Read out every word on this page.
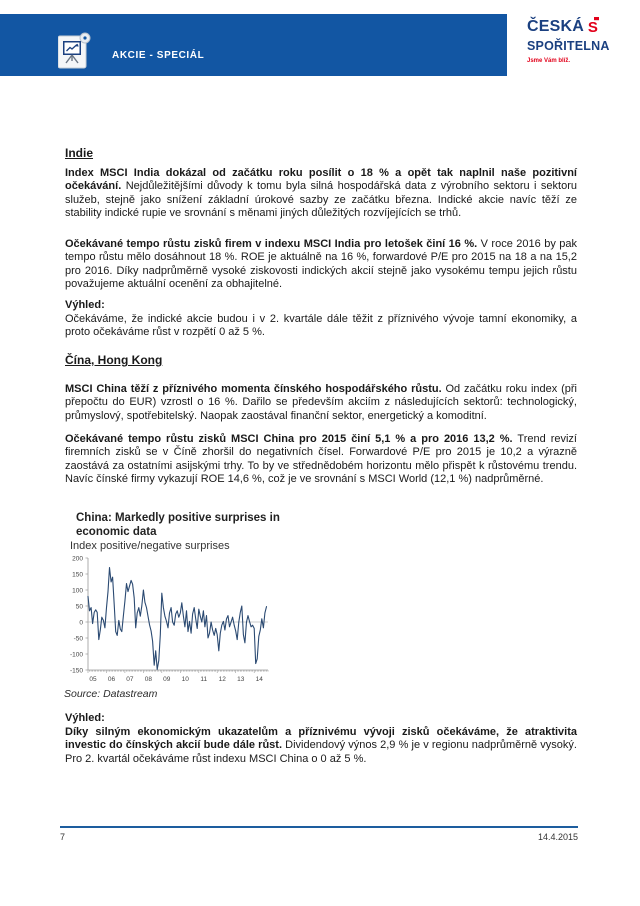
AKCIE - SPECIÁL
ČESKÁ S
SPOŘITELNA
Jsme Vám blíž.
Indie
Index MSCI India dokázal od začátku roku posílit o 18 % a opět tak naplnil naše pozitivní očekávání. Nejdůležitějšími důvody k tomu byla silná hospodářská data z výrobního sektoru i sektoru služeb, stejně jako snížení základní úrokové sazby ze začátku března. Indické akcie navíc těží ze stability indické rupie ve srovnání s měnami jiných důležitých rozvíjejících se trhů.
Očekávané tempo růstu zisků firem v indexu MSCI India pro letošek činí 16 %. V roce 2016 by pak tempo růstu mělo dosáhnout 18 %. ROE je aktuálně na 16 %, forwardové P/E pro 2015 na 18 a na 15,2 pro 2016. Díky nadprůměrně vysoké ziskovosti indických akcií stejně jako vysokému tempu jejich růstu považujeme aktuální ocenění za obhajitelné.
Výhled:
Očekáváme, že indické akcie budou i v 2. kvartále dále těžit z příznivého vývoje tamní ekonomiky, a proto očekáváme růst v rozpětí 0 až 5 %.
Čína, Hong Kong
MSCI China těží z příznivého momenta čínského hospodářského růstu. Od začátku roku index (při přepočtu do EUR) vzrostl o 16 %. Dařilo se především akciím z následujících sektorů: technologický, průmyslový, spotřebitelský. Naopak zaostával finanční sektor, energetický a komoditní.
Očekávané tempo růstu zisků MSCI China pro 2015 činí 5,1 % a pro 2016 13,2 %. Trend revizí firemních zisků se v Číně zhoršil do negativních čísel. Forwardové P/E pro 2015 je 10,2 a výrazně zaostává za ostatními asijskými trhy. To by ve střednědobém horizontu mělo přispět k růstovému trendu. Navíc čínské firmy vykazují ROE 14,6 %, což je ve srovnání s MSCI World (12,1 %) nadprůměrné.
China: Markedly positive surprises in economic data
Index positive/negative surprises
200
150
100
50
0
-50
-100
-150
05 06 07 08 09 10 11 12 13 14
Source: Datastream
Výhled:
Díky silným ekonomickým ukazatelům a příznivému vývoji zisků očekáváme, že atraktivita investic do čínských akcií bude dále růst. Dividendový výnos 2,9 % je v regionu nadprůměrně vysoký. Pro 2. kvartál očekáváme růst indexu MSCI China o 0 až 5 %.
7	14.4.2015
